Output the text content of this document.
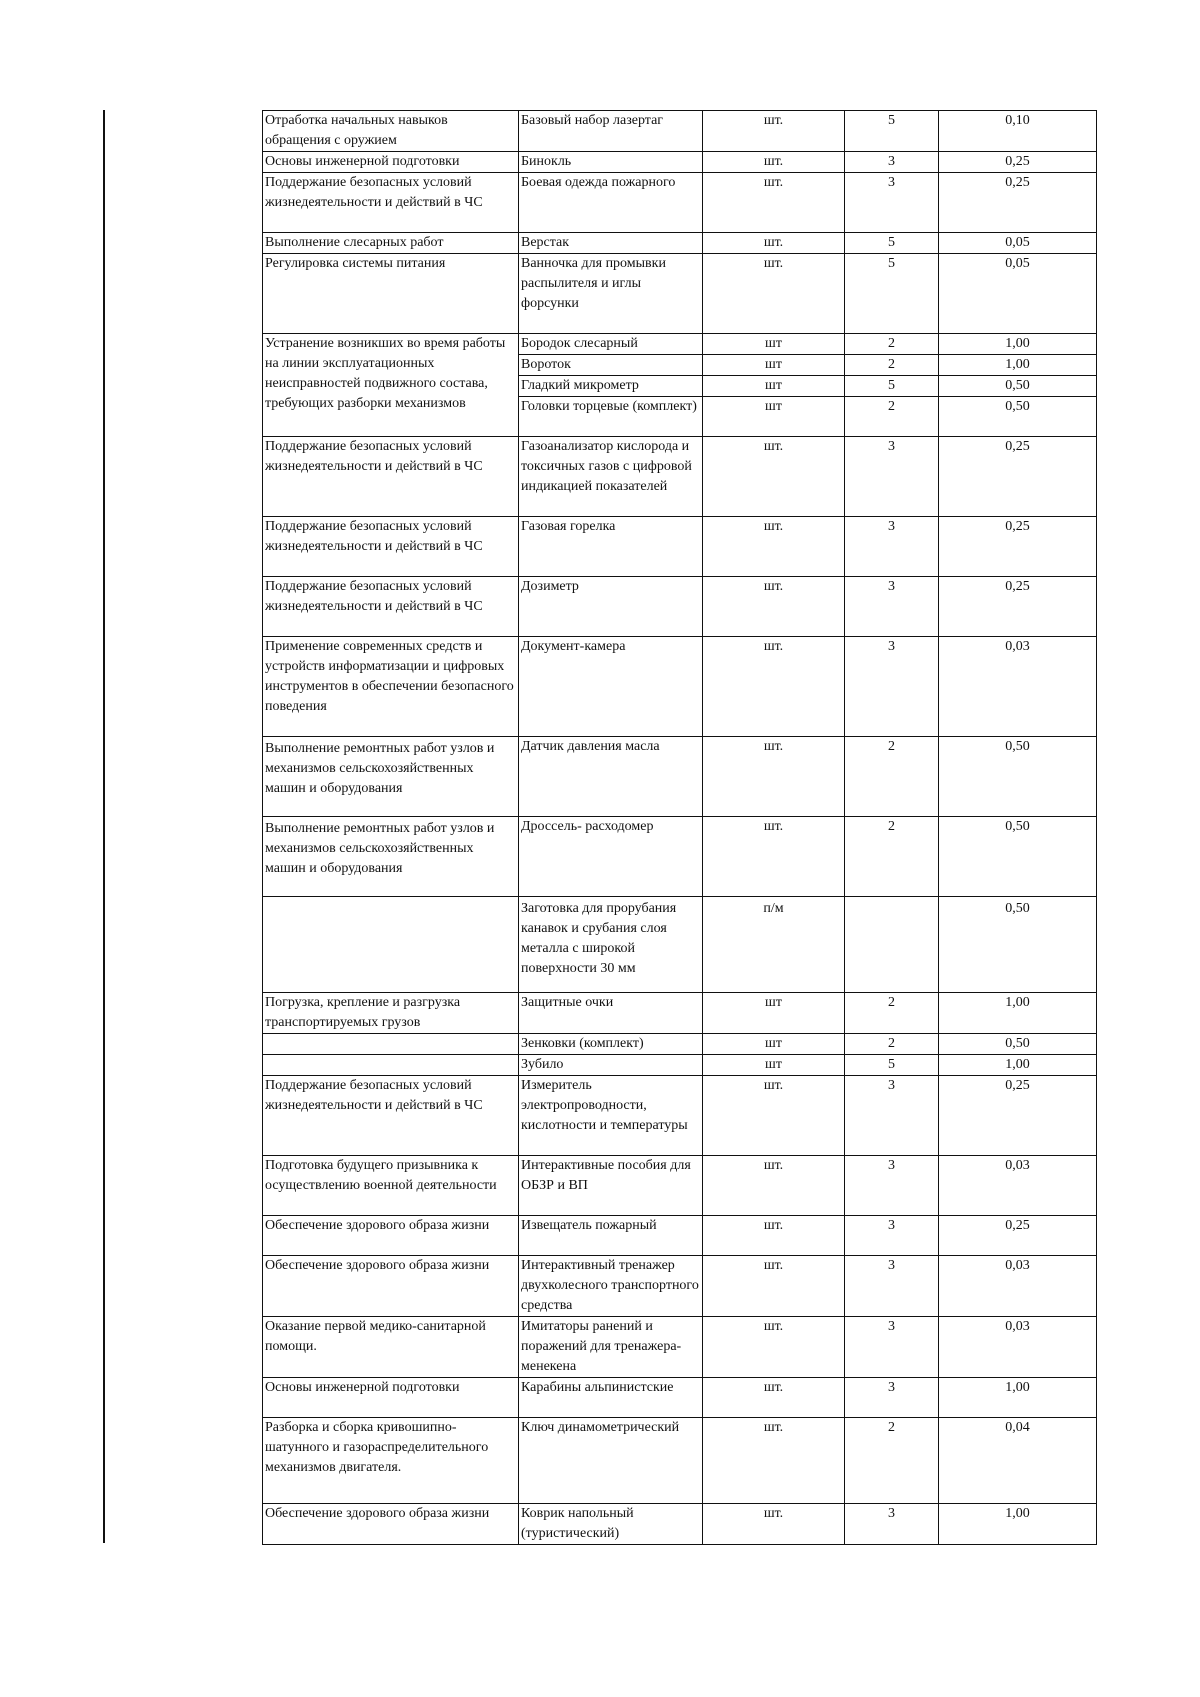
Отработка начальных навыков обращения с оружием	Базовый набор лазертаг	шт.	5	0,10
Основы инженерной подготовки	Бинокль	шт.	3	0,25
Поддержание безопасных условий жизнедеятельности и действий в ЧС	Боевая одежда пожарного	шт.	3	0,25
Выполнение слесарных работ	Верстак	шт.	5	0,05
Регулировка системы питания	Ванночка для промывки распылителя и иглы форсунки	шт.	5	0,05
Устранение возникших во время работы на линии эксплуатационных неисправностей подвижного состава, требующих разборки механизмов	Бородок слесарный	шт	2	1,00
	Вороток	шт	2	1,00
	Гладкий микрометр	шт	5	0,50
	Головки торцевые (комплект)	шт	2	0,50
Поддержание безопасных условий жизнедеятельности и действий в ЧС	Газоанализатор кислорода и токсичных газов с цифровой индикацией показателей	шт.	3	0,25
Поддержание безопасных условий жизнедеятельности и действий в ЧС	Газовая горелка	шт.	3	0,25
Поддержание безопасных условий жизнедеятельности и действий в ЧС	Дозиметр	шт.	3	0,25
Применение современных средств и устройств информатизации и цифровых инструментов в обеспечении безопасного поведения	Документ-камера	шт.	3	0,03
Выполнение ремонтных работ узлов и механизмов сельскохозяйственных машин и оборудования	Датчик давления масла	шт.	2	0,50
Выполнение ремонтных работ узлов и механизмов сельскохозяйственных машин и оборудования	Дроссель- расходомер	шт.	2	0,50
	Заготовка для прорубания канавок и срубания слоя металла с широкой поверхности 30 мм	п/м		0,50
Погрузка, крепление и разгрузка транспортируемых грузов	Защитные очки	шт	2	1,00
	Зенковки (комплект)	шт	2	0,50
	Зубило	шт	5	1,00
Поддержание безопасных условий жизнедеятельности и действий в ЧС	Измеритель электропроводности, кислотности и температуры	шт.	3	0,25
Подготовка будущего призывника к осуществлению военной деятельности	Интерактивные пособия для ОБЗР и ВП	шт.	3	0,03
Обеспечение здорового образа жизни	Извещатель пожарный	шт.	3	0,25
Обеспечение здорового образа жизни	Интерактивный тренажер двухколесного транспортного средства	шт.	3	0,03
Оказание первой медико-санитарной помощи.	Имитаторы ранений и поражений для тренажера-менекена	шт.	3	0,03
Основы инженерной подготовки	Карабины альпинистские	шт.	3	1,00
Разборка и сборка кривошипно-шатунного и газораспределительного механизмов двигателя.	Ключ динамометрический	шт.	2	0,04
Обеспечение здорового образа жизни	Коврик напольный (туристический)	шт.	3	1,00
